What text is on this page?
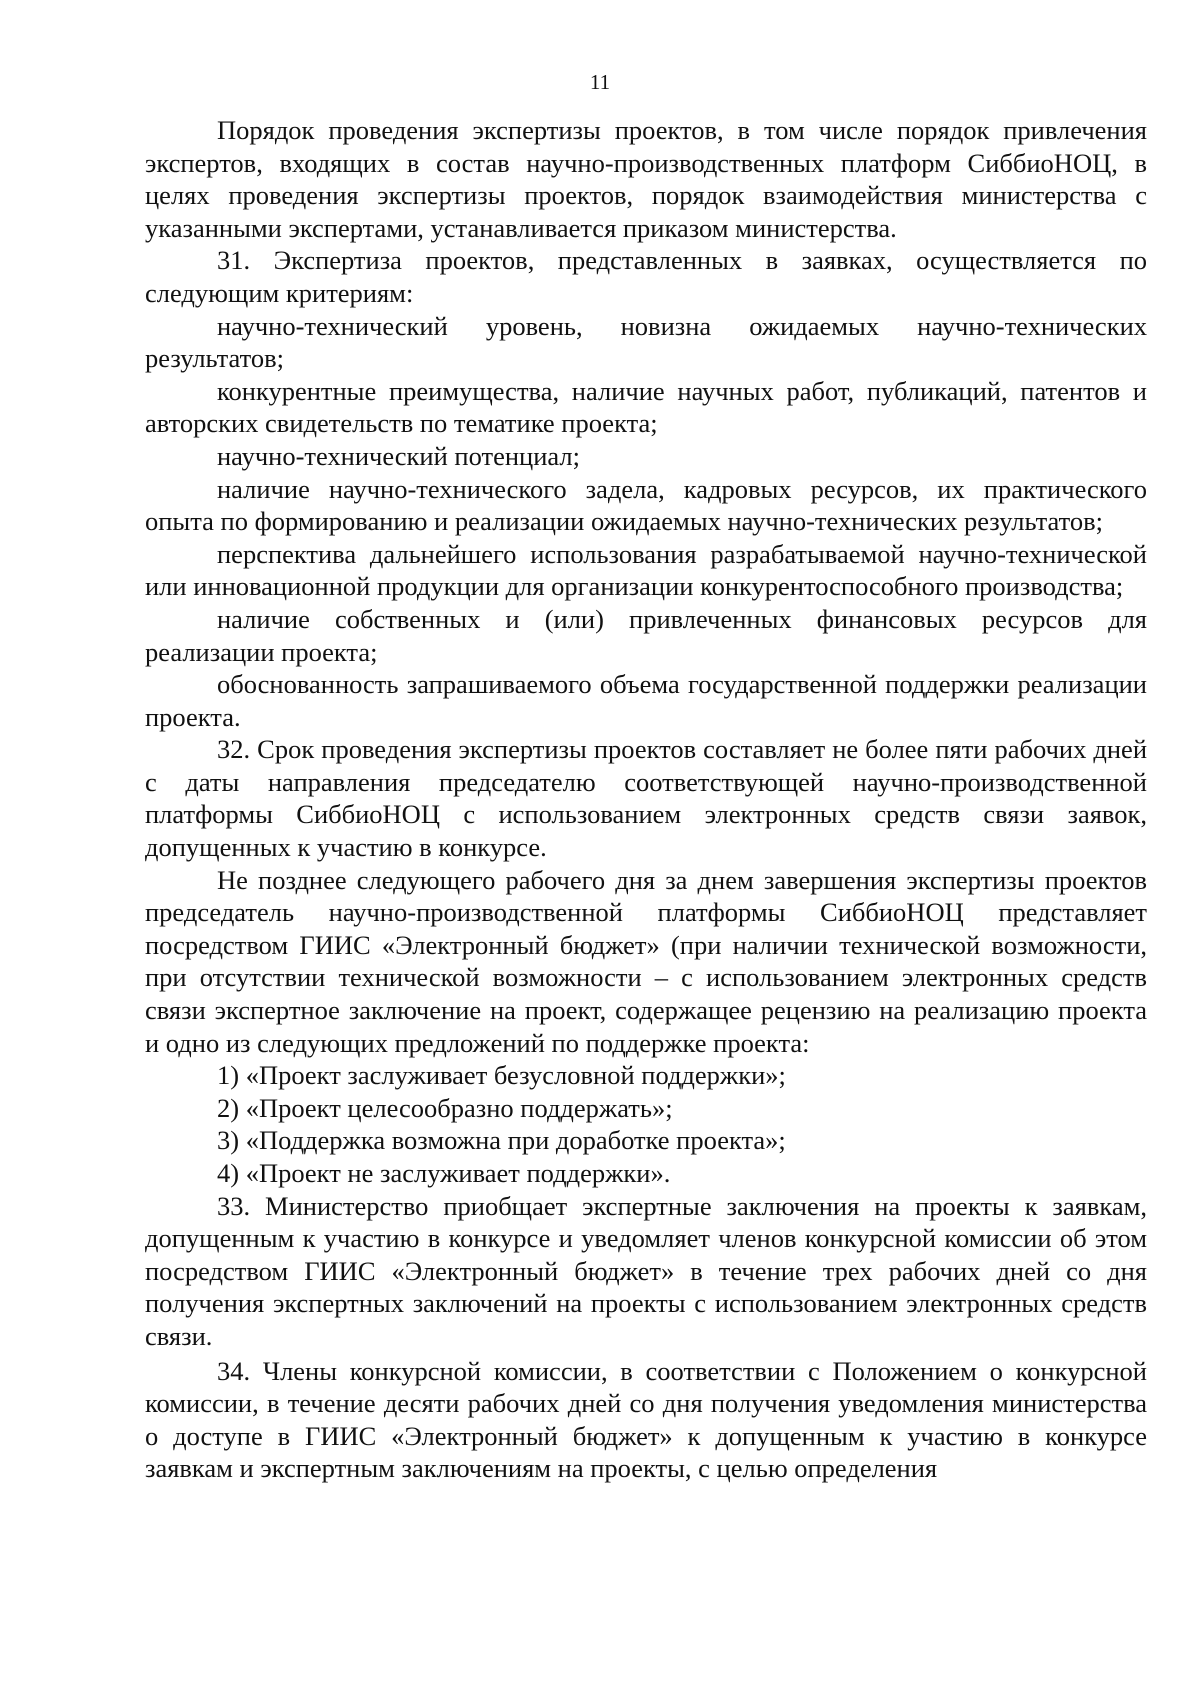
11

Порядок проведения экспертизы проектов, в том числе порядок привлечения экспертов, входящих в состав научно-производственных платформ СиббиоНОЦ, в целях проведения экспертизы проектов, порядок взаимодействия министерства с указанными экспертами, устанавливается приказом министерства.

31. Экспертиза проектов, представленных в заявках, осуществляется по следующим критериям:

научно-технический уровень, новизна ожидаемых научно-технических результатов;

конкурентные преимущества, наличие научных работ, публикаций, патентов и авторских свидетельств по тематике проекта;

научно-технический потенциал;

наличие научно-технического задела, кадровых ресурсов, их практического опыта по формированию и реализации ожидаемых научно-технических результатов;

перспектива дальнейшего использования разрабатываемой научно-технической или инновационной продукции для организации конкурентоспособного производства;

наличие собственных и (или) привлеченных финансовых ресурсов для реализации проекта;

обоснованность запрашиваемого объема государственной поддержки реализации проекта.

32. Срок проведения экспертизы проектов составляет не более пяти рабочих дней с даты направления председателю соответствующей научно-производственной платформы СиббиоНОЦ с использованием электронных средств связи заявок, допущенных к участию в конкурсе.

Не позднее следующего рабочего дня за днем завершения экспертизы проектов председатель научно-производственной платформы СиббиоНОЦ представляет посредством ГИИС «Электронный бюджет» (при наличии технической возможности, при отсутствии технической возможности – с использованием электронных средств связи экспертное заключение на проект, содержащее рецензию на реализацию проекта и одно из следующих предложений по поддержке проекта:

1) «Проект заслуживает безусловной поддержки»;

2) «Проект целесообразно поддержать»;

3) «Поддержка возможна при доработке проекта»;

4) «Проект не заслуживает поддержки».

33. Министерство приобщает экспертные заключения на проекты к заявкам, допущенным к участию в конкурсе и уведомляет членов конкурсной комиссии об этом посредством ГИИС «Электронный бюджет» в течение трех рабочих дней со дня получения экспертных заключений на проекты с использованием электронных средств связи.

34. Члены конкурсной комиссии, в соответствии с Положением о конкурсной комиссии, в течение десяти рабочих дней со дня получения уведомления министерства о доступе в ГИИС «Электронный бюджет» к допущенным к участию в конкурсе заявкам и экспертным заключениям на проекты, с целью определения
